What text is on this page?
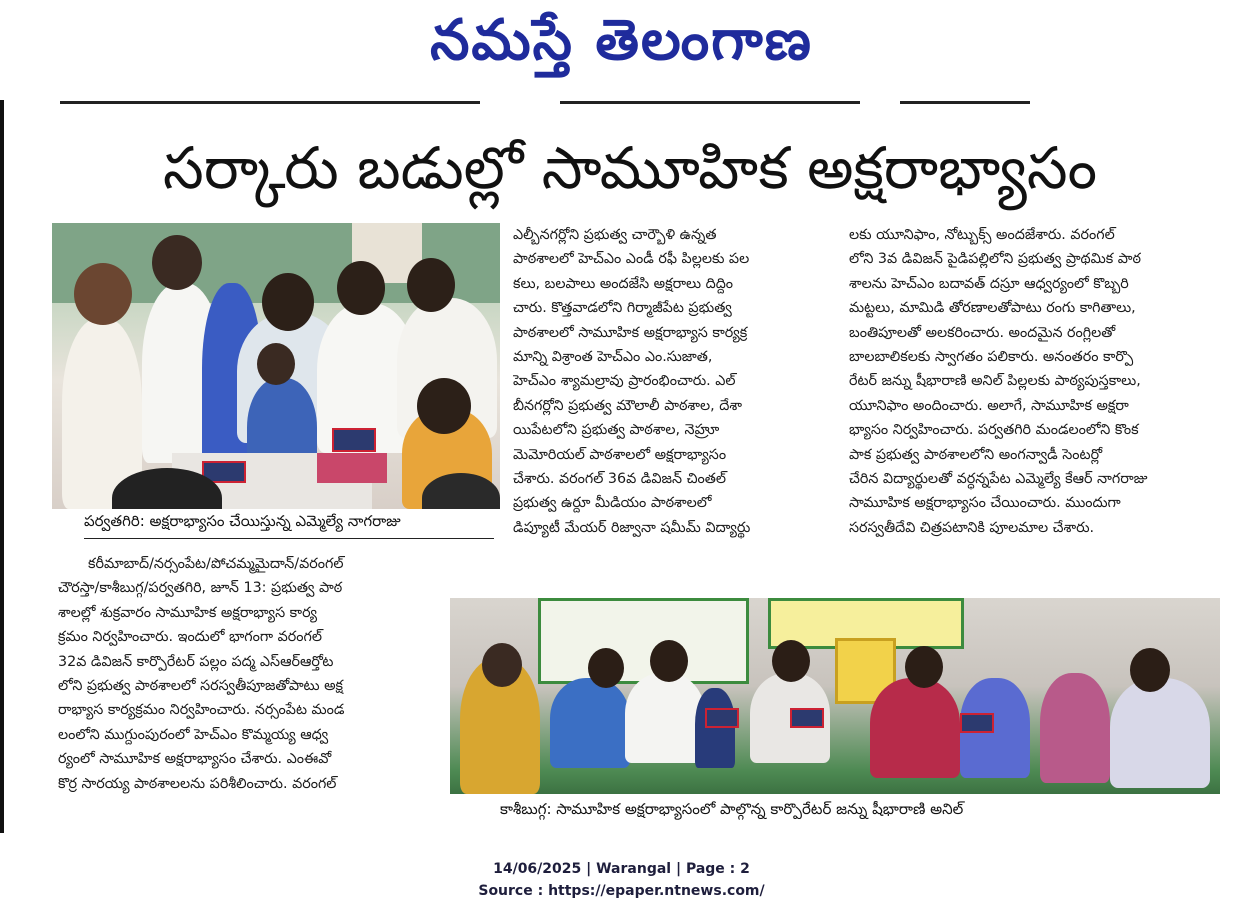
నమస్తే తెలంగాణ
సర్కారు బడుల్లో సామూహిక అక్షరాభ్యాసం
పర్వతగిరి: అక్షరాభ్యాసం చేయిస్తున్న ఎమ్మెల్యే నాగరాజు
కరీమాబాద్/నర్సంపేట/పోచమ్మమైదాన్/వరంగల్
చౌరస్తా/కాశీబుగ్గ/పర్వతగిరి, జూన్ 13: ప్రభుత్వ పాఠ
శాలల్లో శుక్రవారం సామూహిక అక్షరాభ్యాస కార్య
క్రమం నిర్వహించారు. ఇందులో భాగంగా వరంగల్
32వ డివిజన్ కార్పొరేటర్ పల్లం పద్మ ఎస్ఆర్ఆర్తోట
లోని ప్రభుత్వ పాఠశాలలో సరస్వతీపూజతోపాటు అక్ష
రాభ్యాస కార్యక్రమం నిర్వహించారు. నర్సంపేట మండ
లంలోని ముగ్దుంపురంలో హెచ్ఎం కొమ్మయ్య ఆధ్వ
ర్యంలో సామూహిక అక్షరాభ్యాసం చేశారు. ఎంఈవో
కొర్ర సారయ్య పాఠశాలలను పరిశీలించారు. వరంగల్
ఎల్బీనగర్లోని ప్రభుత్వ చార్బౌళి ఉన్నత
పాఠశాలలో హెచ్ఎం ఎండీ రఫీ పిల్లలకు పల
కలు, బలపాలు అందజేసి అక్షరాలు దిద్దిం
చారు. కొత్తవాడలోని గిర్మాజీపేట ప్రభుత్వ
పాఠశాలలో సామూహిక అక్షరాభ్యాస కార్యక్ర
మాన్ని విశ్రాంత హెచ్ఎం ఎం.సుజాత,
హెచ్ఎం శ్యామల్రావు ప్రారంభించారు. ఎల్
బీనగర్లోని ప్రభుత్వ మౌలాలీ పాఠశాల, దేశా
యిపేటలోని ప్రభుత్వ పాఠశాల, నెహ్రూ
మెమోరియల్ పాఠశాలలో అక్షరాభ్యాసం
చేశారు. వరంగల్ 36వ డివిజన్ చింతల్
ప్రభుత్వ ఉర్దూ మీడియం పాఠశాలలో
డిప్యూటీ మేయర్ రిజ్వానా షమీమ్ విద్యార్థు
లకు యూనిఫాం, నోట్బుక్స్ అందజేశారు. వరంగల్
లోని 3వ డివిజన్ పైడిపల్లిలోని ప్రభుత్వ ప్రాథమిక పాఠ
శాలను హెచ్ఎం బదావత్ దస్రూ ఆధ్వర్యంలో కొబ్బరి
మట్టలు, మామిడి తోరణాలతోపాటు రంగు కాగితాలు,
బంతిపూలతో అలకరించారు. అందమైన రంగ్లిలతో
బాలబాలికలకు స్వాగతం పలికారు. అనంతరం కార్పొ
రేటర్ జన్ను షీభారాణి అనిల్ పిల్లలకు పాఠ్యపుస్తకాలు,
యూనిఫాం అందించారు. అలాగే, సామూహిక అక్షరా
భ్యాసం నిర్వహించారు. పర్వతగిరి మండలంలోని కొంక
పాక ప్రభుత్వ పాఠశాలలోని అంగన్వాడీ సెంటర్లో
చేరిన విద్యార్థులతో వర్ధన్నపేట ఎమ్మెల్యే కేఆర్ నాగరాజు
సామూహిక అక్షరాభ్యాసం చేయించారు. ముందుగా
సరస్వతీదేవి చిత్రపటానికి పూలమాల చేశారు.
కాశీబుగ్గ: సామూహిక అక్షరాభ్యాసంలో పాల్గొన్న కార్పొరేటర్ జన్ను షీభారాణి అనిల్
14/06/2025 | Warangal | Page : 2
Source : https://epaper.ntnews.com/
